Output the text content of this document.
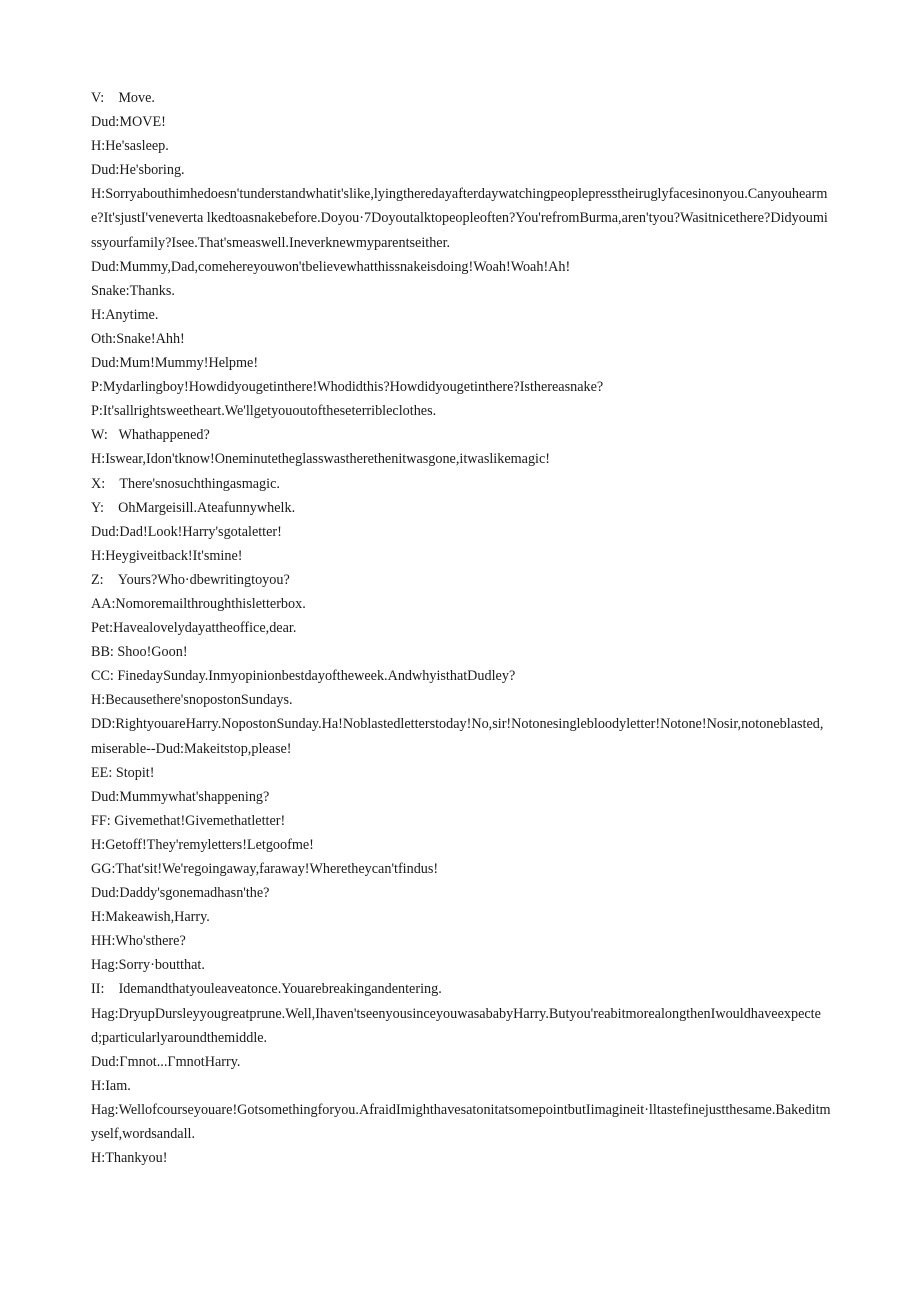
V:    Move.
Dud:MOVE!
H:He'sasleep.
Dud:He'sboring.
H:Sorryabouthimhedoesn'tunderstandwhatit'slike,lyingtheredayafterdaywatchingpeoplepresstheiruglyfacesinonyou.Canyouhearme?It'sjustI'veneverta lkedtoasnakebefore.Doyou·7Doyoutalktopeopleoften?You'refromBurma,aren'tyou?Wasitnicethere?Didyoumissyourfamily?Isee.That'smeaswell.Ineverknewmyparentseither.
Dud:Mummy,Dad,comehereyouwon'tbelievewhatthissnakeisdoing!Woah!Woah!Ah!
Snake:Thanks.
H:Anytime.
Oth:Snake!Ahh!
Dud:Mum!Mummy!Helpme!
P:Mydarlingboy!Howdidyougetinthere!Whodidthis?Howdidyougetinthere?Isthereasnake?
P:It'sallrightsweetheart.We'llgetyououtoftheseterribleclothes.
W:   Whathappened?
H:Iswear,Idon'tknow!Oneminutetheglasswastherethenitwasgone,itwaslikemagic!
X:    There'snosuchthingasmagic.
Y:    OhMargeisill.Ateafunnywhelk.
Dud:Dad!Look!Harry'sgotaletter!
H:Heygiveitback!It'smine!
Z:    Yours?Who·dbewritingtoyou?
AA:Nomoremailthroughthisletterbox.
Pet:Havealovelydayattheoffice,dear.
BB: Shoo!Goon!
CC: FinedaySunday.Inmyopinionbestdayoftheweek.AndwhyisthatDudley?
H:Becausethere'snopostonSundays.
DD:RightyouareHarry.NopostonSunday.Ha!Noblastedletterstoday!No,sir!Notonesinglebloodyletter!Notone!Nosir,notoneblasted,miserable--Dud:Makeitstop,please!
EE: Stopit!
Dud:Mummywhat'shappening?
FF: Givemethat!Givemethatletter!
H:Getoff!They'remyletters!Letgoofme!
GG:That'sit!We'regoingaway,faraway!Wheretheycan'tfindus!
Dud:Daddy'sgonemadhasn'the?
H:Makeawish,Harry.
HH:Who'sthere?
Hag:Sorry·boutthat.
II:    Idemandthatyouleaveatonce.Youarebreakingandentering.
Hag:DryupDursleyyougreatprune.Well,Ihaven'tseenyousinceyouwasababyHarry.Butyou'reabitmorealongthenIwouldhaveexpected;particularlyaroundthemiddle.
Dud:Γmnot...ΓmnotHarry.
H:Iam.
Hag:Wellofcourseyouare!Gotsomethingforyou.AfraidImighthavesatonitatsomepointbutIimagineit·lltastefinejustthesame.Bakeditmyself,wordsandall.
H:Thankyou!
